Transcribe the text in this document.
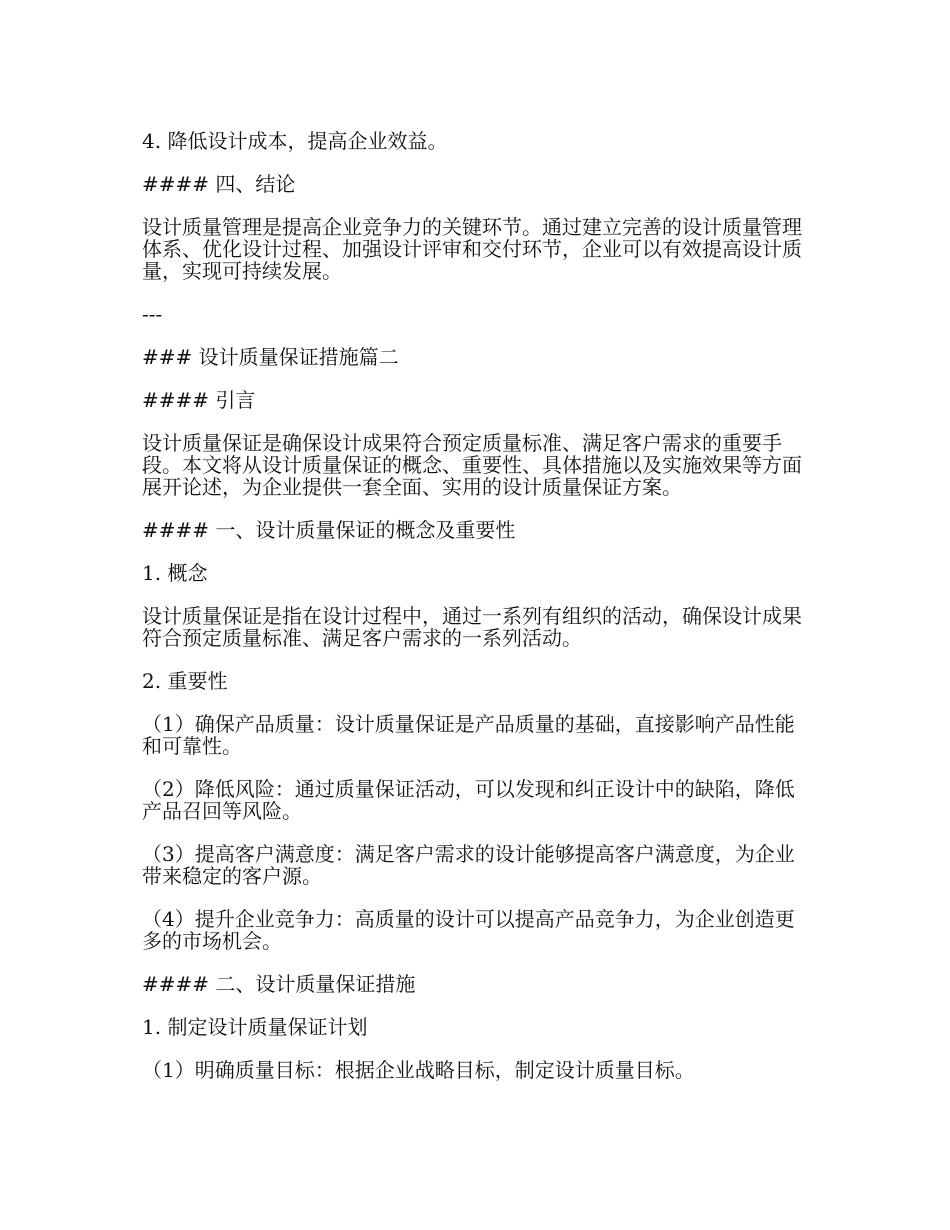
4. 降低设计成本，提高企业效益。

#### 四、结论

设计质量管理是提高企业竞争力的关键环节。通过建立完善的设计质量管理体系、优化设计过程、加强设计评审和交付环节，企业可以有效提高设计质量，实现可持续发展。

---

### 设计质量保证措施篇二

#### 引言

设计质量保证是确保设计成果符合预定质量标准、满足客户需求的重要手段。本文将从设计质量保证的概念、重要性、具体措施以及实施效果等方面展开论述，为企业提供一套全面、实用的设计质量保证方案。

#### 一、设计质量保证的概念及重要性

1. 概念

设计质量保证是指在设计过程中，通过一系列有组织的活动，确保设计成果符合预定质量标准、满足客户需求的一系列活动。

2. 重要性

（1）确保产品质量：设计质量保证是产品质量的基础，直接影响产品性能和可靠性。

（2）降低风险：通过质量保证活动，可以发现和纠正设计中的缺陷，降低产品召回等风险。

（3）提高客户满意度：满足客户需求的设计能够提高客户满意度，为企业带来稳定的客户源。

（4）提升企业竞争力：高质量的设计可以提高产品竞争力，为企业创造更多的市场机会。

#### 二、设计质量保证措施

1. 制定设计质量保证计划

（1）明确质量目标：根据企业战略目标，制定设计质量目标。
